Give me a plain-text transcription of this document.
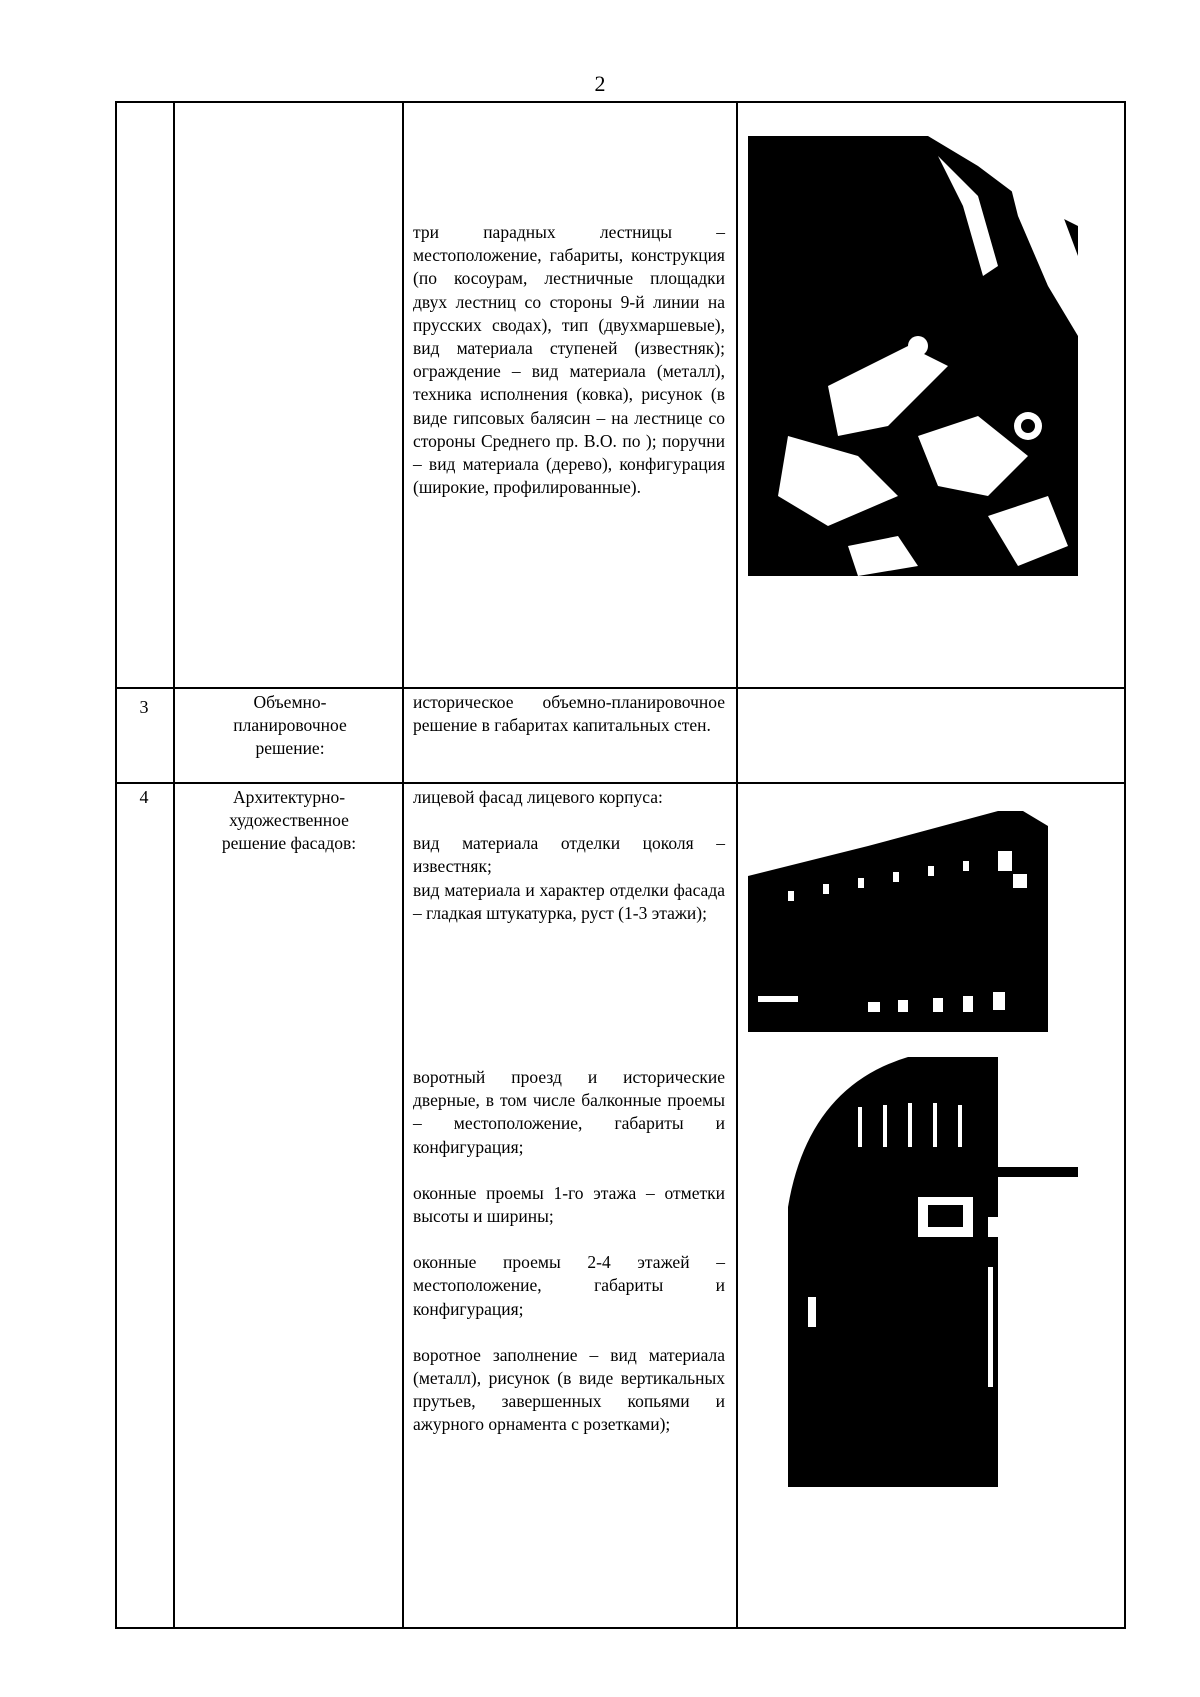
2

три парадных лестницы – местоположение, габариты, конструкция (по косоурам, лестничные площадки двух лестниц со стороны 9-й линии на прусских сводах), тип (двухмаршевые), вид материала ступеней (известняк); ограждение – вид материала (металл), техника исполнения (ковка), рисунок (в виде гипсовых балясин – на лестнице со стороны Среднего пр. В.О. по ); поручни – вид материала (дерево), конфигурация (широкие, профилированные).

3	Объемно-планировочное решение:

историческое объемно-планировочное решение в габаритах капитальных стен.

4	Архитектурно-художественное решение фасадов:

лицевой фасад лицевого корпуса:

вид материала отделки цоколя – известняк;

вид материала и характер отделки фасада – гладкая штукатурка, руст (1-3 этажи);

воротный проезд и исторические дверные, в том числе балконные проемы – местоположение, габариты и конфигурация;

оконные проемы 1-го этажа – отметки высоты и ширины;

оконные проемы 2-4 этажей – местоположение, габариты и конфигурация;

воротное заполнение – вид материала (металл), рисунок (в виде вертикальных прутьев, завершенных копьями и ажурного орнамента с розетками);
